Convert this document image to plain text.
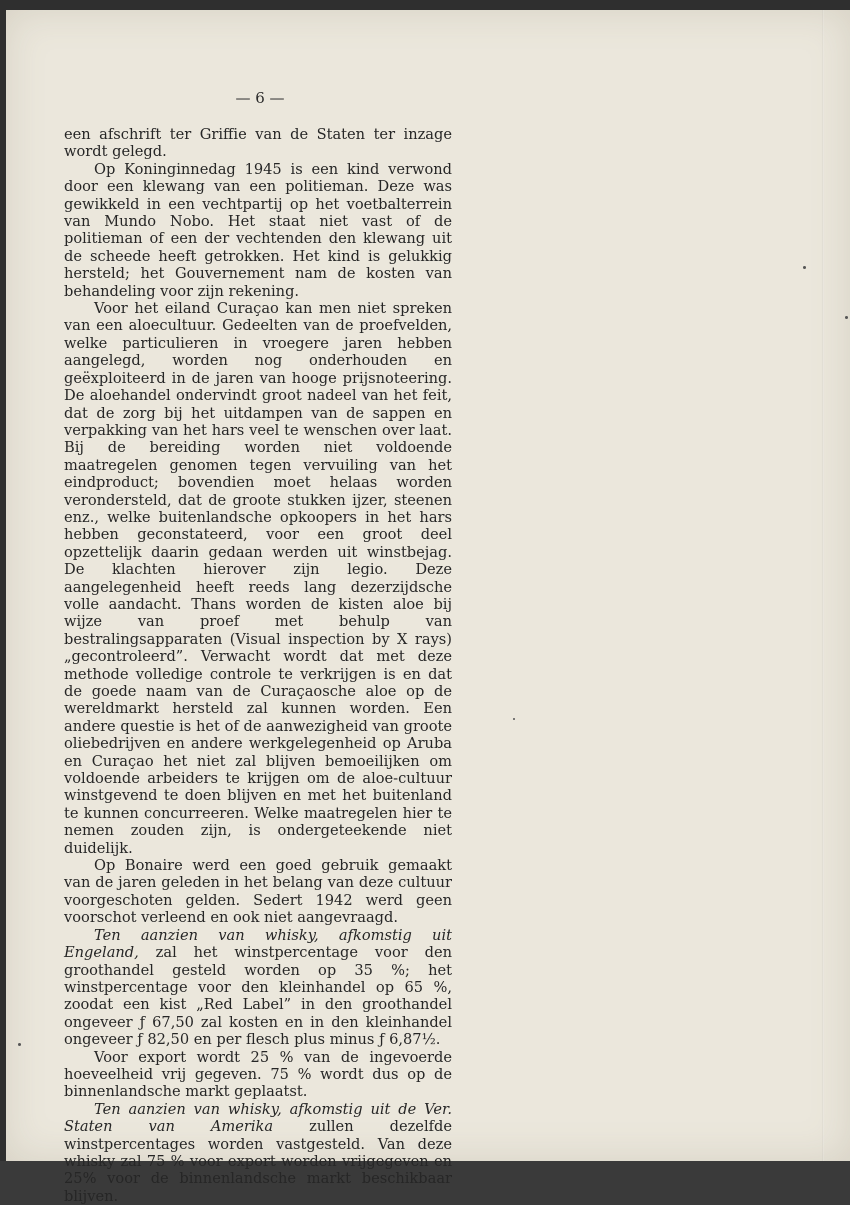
— 6 —

een afschrift ter Griffie van de Staten ter inzage wordt gelegd.

Op Koninginnedag 1945 is een kind verwond door een klewang van een politieman. Deze was gewikkeld in een vechtpartij op het voetbalterrein van Mundo Nobo. Het staat niet vast of de politieman of een der vechtenden den klewang uit de scheede heeft getrokken. Het kind is gelukkig hersteld; het Gouvernement nam de kosten van behandeling voor zijn rekening.

Voor het eiland Curaçao kan men niet spreken van een aloecultuur. Gedeelten van de proefvelden, welke particulieren in vroegere jaren hebben aangelegd, worden nog onderhouden en geëxploiteerd in de jaren van hooge prijsnoteering. De aloehandel ondervindt groot nadeel van het feit, dat de zorg bij het uitdampen van de sappen en verpakking van het hars veel te wenschen over laat. Bij de bereiding worden niet voldoende maatregelen genomen tegen vervuiling van het eindproduct; bovendien moet helaas worden verondersteld, dat de groote stukken ijzer, steenen enz., welke buitenlandsche opkoopers in het hars hebben geconstateerd, voor een groot deel opzettelijk daarin gedaan werden uit winstbejag. De klachten hierover zijn legio. Deze aangelegenheid heeft reeds lang dezerzijdsche volle aandacht. Thans worden de kisten aloe bij wijze van proef met behulp van bestralingsapparaten (Visual inspection by X rays) „gecontroleerd”. Verwacht wordt dat met deze methode volledige controle te verkrijgen is en dat de goede naam van de Curaçaosche aloe op de wereldmarkt hersteld zal kunnen worden. Een andere questie is het of de aanwezigheid van groote oliebedrijven en andere werkgelegenheid op Aruba en Curaçao het niet zal blijven bemoeilijken om voldoende arbeiders te krijgen om de aloe-cultuur winstgevend te doen blijven en met het buitenland te kunnen concurreeren. Welke maatregelen hier te nemen zouden zijn, is ondergeteekende niet duidelijk.

Op Bonaire werd een goed gebruik gemaakt van de jaren geleden in het belang van deze cultuur voorgeschoten gelden. Sedert 1942 werd geen voorschot verleend en ook niet aangevraagd.

Ten aanzien van whisky, afkomstig uit Engeland, zal het winstpercentage voor den groothandel gesteld worden op 35 %; het winstpercentage voor den kleinhandel op 65 %, zoodat een kist „Red Label” in den groothandel ongeveer ƒ 67,50 zal kosten en in den kleinhandel ongeveer ƒ 82,50 en per flesch plus minus ƒ 6,87½.

Voor export wordt 25 % van de ingevoerde hoeveelheid vrij gegeven. 75 % wordt dus op de binnenlandsche markt geplaatst.

Ten aanzien van whisky, afkomstig uit de Ver. Staten van Amerika zullen dezelfde winstpercentages worden vastgesteld. Van deze whisky zal 75 % voor export worden vrijgegeven en 25% voor de binnenlandsche markt beschikbaar blijven.
